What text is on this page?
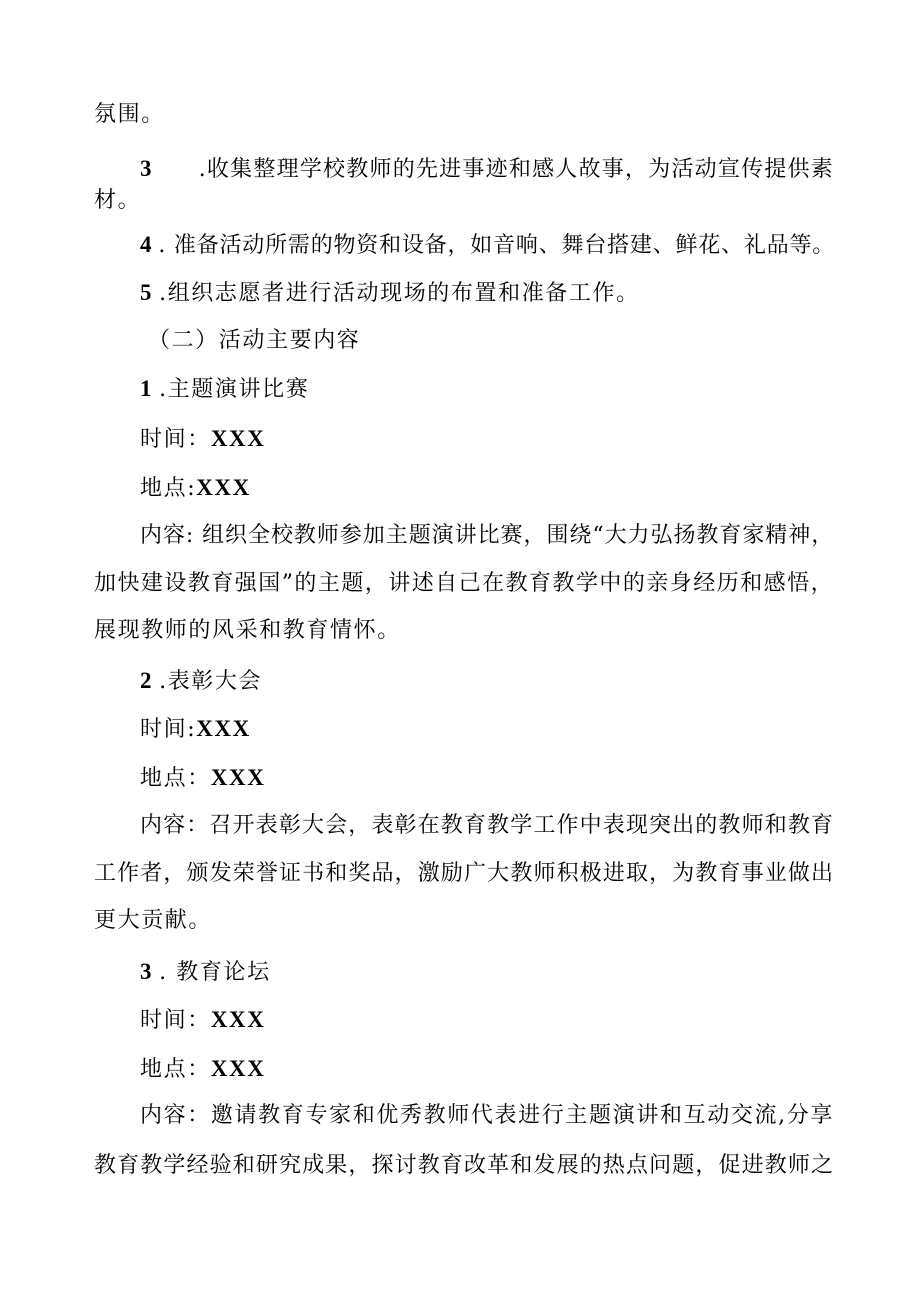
氛围。
3 .收集整理学校教师的先进事迹和感人故事，为活动宣传提供素
材。
4 . 准备活动所需的物资和设备，如音响、舞台搭建、鲜花、礼品等。
5 .组织志愿者进行活动现场的布置和准备工作。
（二）活动主要内容
1 .主题演讲比赛
时间：XXX
地点:XXX
内容: 组织全校教师参加主题演讲比赛，围绕“大力弘扬教育家精神，
加快建设教育强国”的主题，讲述自己在教育教学中的亲身经历和感悟，
展现教师的风采和教育情怀。
2 .表彰大会
时间:XXX
地点：XXX
内容：召开表彰大会，表彰在教育教学工作中表现突出的教师和教育
工作者，颁发荣誉证书和奖品，激励广大教师积极进取，为教育事业做出
更大贡献。
3 . 教育论坛
时间：XXX
地点：XXX
内容：邀请教育专家和优秀教师代表进行主题演讲和互动交流,分享
教育教学经验和研究成果，探讨教育改革和发展的热点问题，促进教师之
